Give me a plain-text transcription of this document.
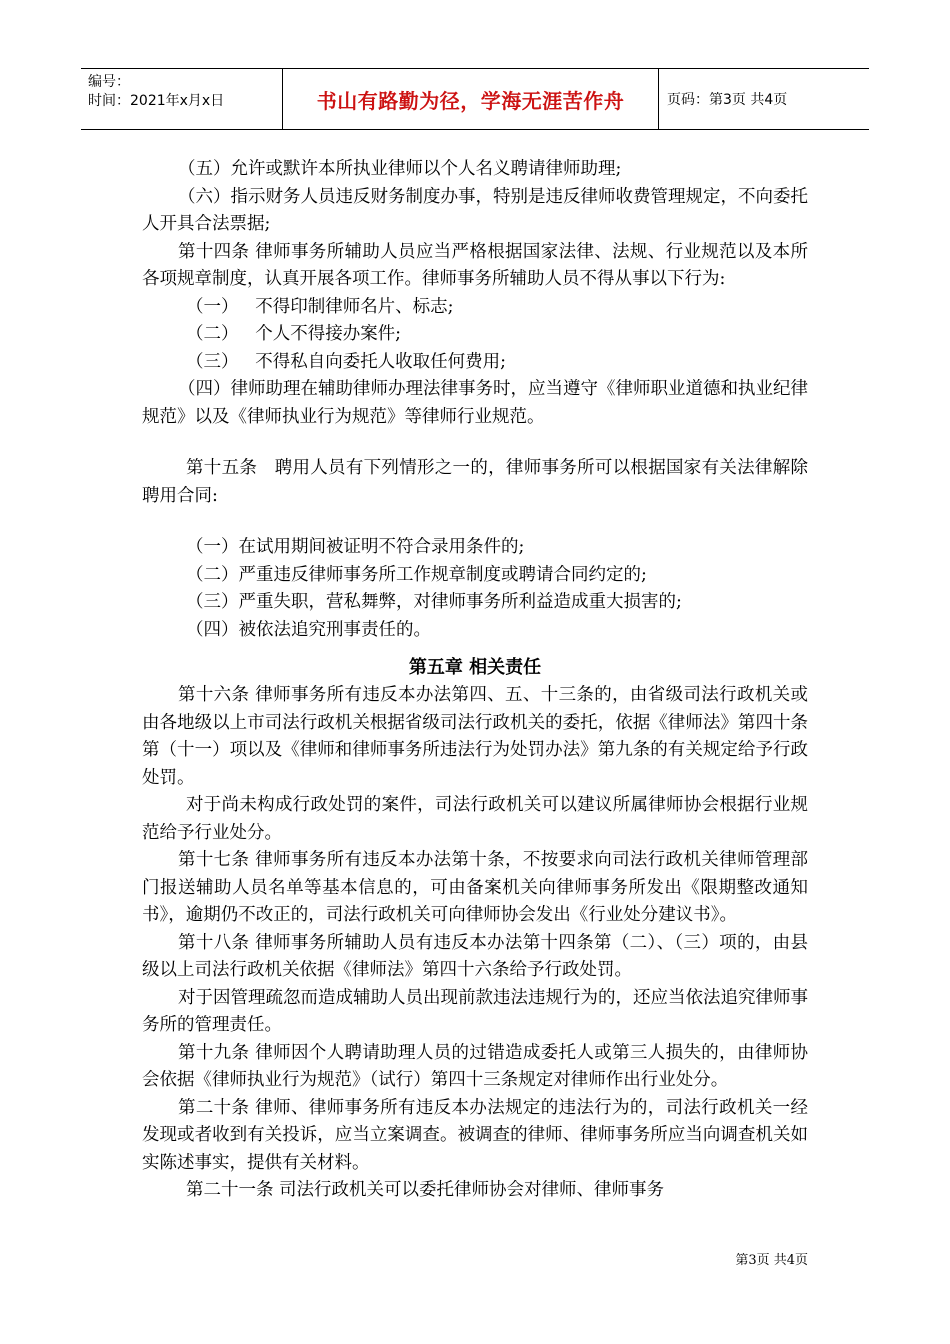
编号：
时间：2021年x月x日	书山有路勤为径，学海无涯苦作舟	页码：第3页 共4页

（五）允许或默许本所执业律师以个人名义聘请律师助理;

（六）指示财务人员违反财务制度办事，特别是违反律师收费管理规定，不向委托人开具合法票据;

第十四条 律师事务所辅助人员应当严格根据国家法律、法规、行业规范以及本所各项规章制度，认真开展各项工作。律师事务所辅助人员不得从事以下行为:

（一）   不得印制律师名片、标志;

（二）   个人不得接办案件;

（三）   不得私自向委托人收取任何费用;

（四）律师助理在辅助律师办理法律事务时，应当遵守《律师职业道德和执业纪律规范》以及《律师执业行为规范》等律师行业规范。

第十五条   聘用人员有下列情形之一的，律师事务所可以根据国家有关法律解除聘用合同:

（一）在试用期间被证明不符合录用条件的;

（二）严重违反律师事务所工作规章制度或聘请合同约定的;

（三）严重失职，营私舞弊，对律师事务所利益造成重大损害的;

（四）被依法追究刑事责任的。

第五章 相关责任

第十六条 律师事务所有违反本办法第四、五、十三条的，由省级司法行政机关或由各地级以上市司法行政机关根据省级司法行政机关的委托，依据《律师法》第四十条第（十一）项以及《律师和律师事务所违法行为处罚办法》第九条的有关规定给予行政处罚。

对于尚未构成行政处罚的案件，司法行政机关可以建议所属律师协会根据行业规范给予行业处分。

第十七条 律师事务所有违反本办法第十条，不按要求向司法行政机关律师管理部门报送辅助人员名单等基本信息的，可由备案机关向律师事务所发出《限期整改通知书》，逾期仍不改正的，司法行政机关可向律师协会发出《行业处分建议书》。

第十八条 律师事务所辅助人员有违反本办法第十四条第（二）、（三）项的，由县级以上司法行政机关依据《律师法》第四十六条给予行政处罚。

对于因管理疏忽而造成辅助人员出现前款违法违规行为的，还应当依法追究律师事务所的管理责任。

第十九条 律师因个人聘请助理人员的过错造成委托人或第三人损失的，由律师协会依据《律师执业行为规范》（试行）第四十三条规定对律师作出行业处分。

第二十条 律师、律师事务所有违反本办法规定的违法行为的，司法行政机关一经发现或者收到有关投诉，应当立案调查。被调查的律师、律师事务所应当向调查机关如实陈述事实，提供有关材料。

第二十一条 司法行政机关可以委托律师协会对律师、律师事务

第3页 共4页
